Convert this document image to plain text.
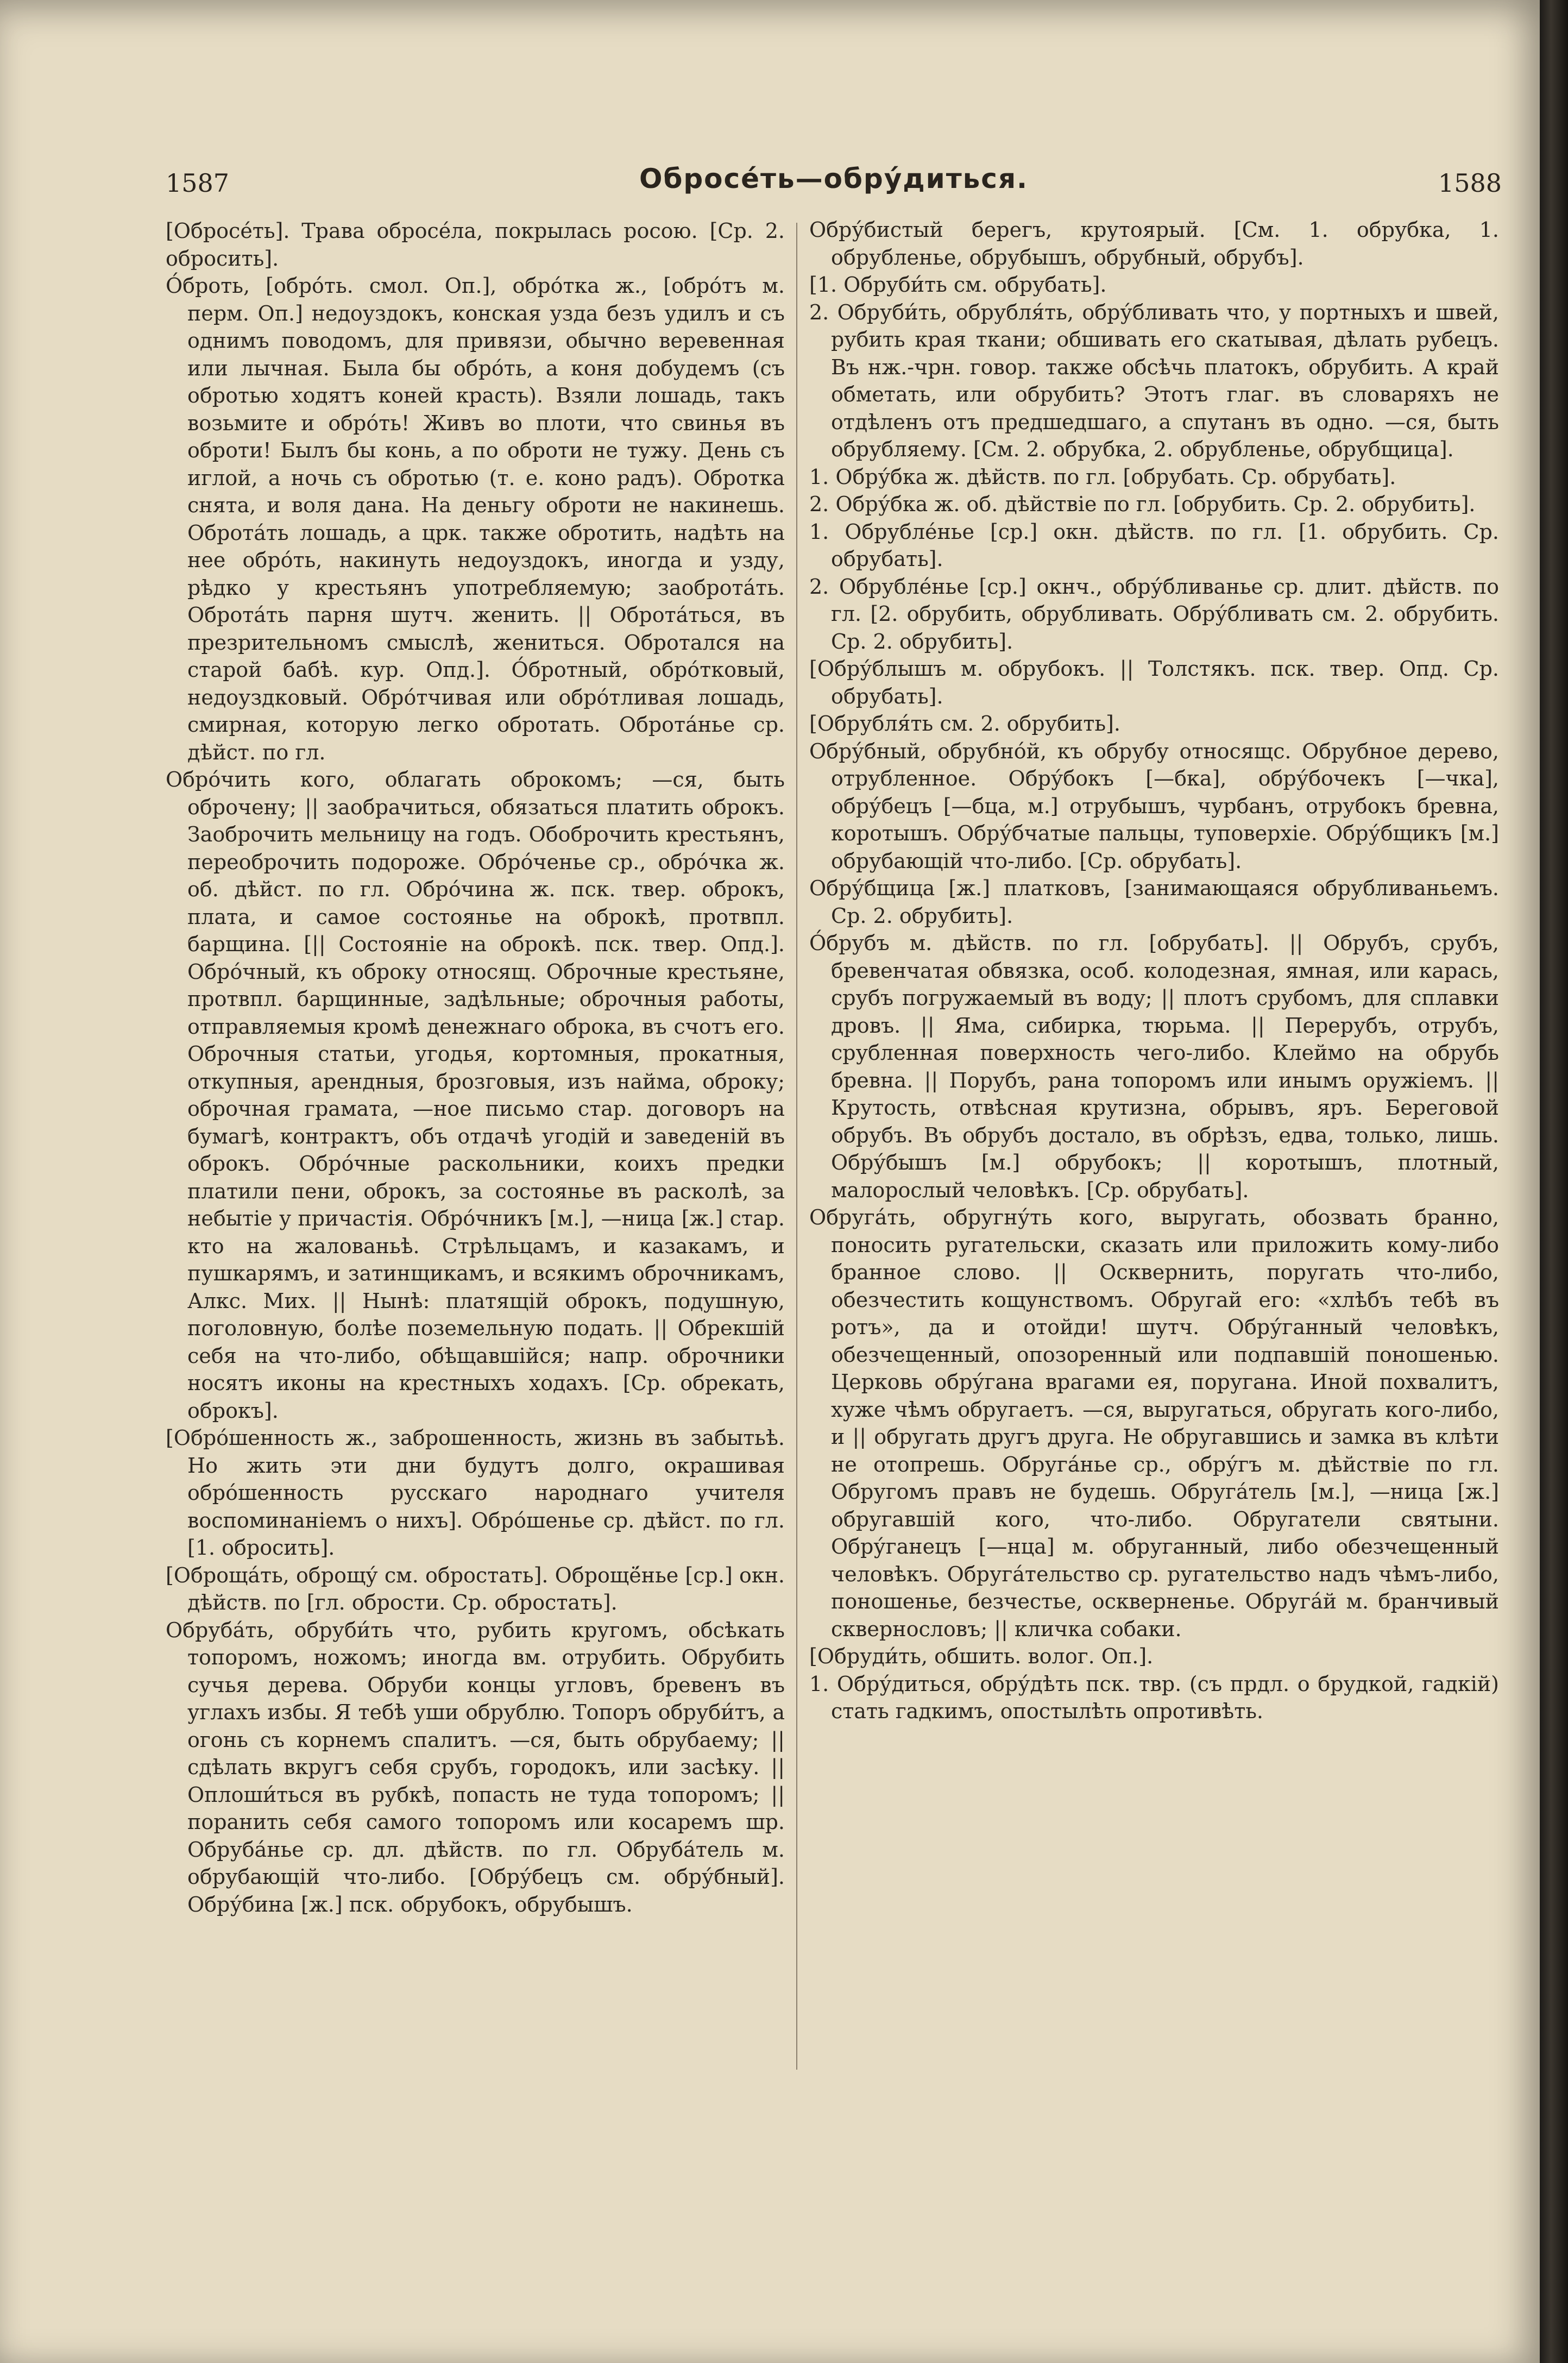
1587	Обросе́ть—обру́диться.	1588

[Обросе́ть]. Трава обросе́ла, покрылась росою. [Ср. 2. обросить].

О́брoть, [обро́ть. смол. Оп.], обро́тка ж., [обро́тъ м. перм. Оп.] недоуздокъ, конская узда безъ удилъ и съ однимъ поводомъ, для привязи, обычно веревенная или лычная. Была бы обро́ть, а коня добудемъ (съ обротью ходятъ коней красть). Взяли лошадь, такъ возьмите и обро́ть! Живъ во плоти, что свинья въ оброти! Былъ бы конь, а по оброти не тужу. День съ иглой, а ночь съ обротью (т. е. коно радъ). Обротка снята, и воля дана. На деньгу оброти не накинешь. Оброта́ть лошадь, а црк. также обротить, надѣть на нее обро́ть, накинуть недоуздокъ, иногда и узду, рѣдко у крестьянъ употребляемую; заоброта́ть. Оброта́ть парня шутч. женить. || Оброта́ться, въ презрительномъ смыслѣ, жениться. Обротался на старой бабѣ. кур. Опд.]. О́бротный, обро́тковый, недоуздковый. Обро́тчивая или обро́тливая лошадь, смирная, которую легко обротать. Оброта́нье ср. дѣйст. по гл.

Обро́чить кого, облагать оброкомъ; —ся, быть обрoчену; || заобрачиться, обязаться платить оброкъ. Заоброчить мельницу на годъ. Обобрoчить крестьянъ, переоброчить подорожe. Обро́ченье ср., обро́чка ж. об. дѣйст. по гл. Обро́чина ж. пск. твер. оброкъ, плата, и самое состоянье на оброкѣ, протвпл. барщина. [|| Состояніе на оброкѣ. пск. твер. Опд.]. Обро́чный, къ оброку относящ. Оброчные крестьяне, протвпл. барщинные, задѣльные; оброчныя работы, отправляемыя кромѣ денежнаго оброка, въ счотъ его. Оброчныя статьи, угодья, кортомныя, прокатныя, откупныя, арендныя, брозговыя, изъ найма, оброку; оброчная грамата, —ное письмо стар. договоръ на бумагѣ, контрактъ, объ отдачѣ угодій и заведеній въ оброкъ. Обро́чные раскольники, коихъ предки платили пени, оброкъ, за состоянье въ расколѣ, за небытіе у причастія. Обро́чникъ [м.], —ница [ж.] стар. кто на жалованьѣ. Стрѣльцамъ, и казакамъ, и пушкарямъ, и затинщикамъ, и всякимъ оброчникамъ, Алкс. Мих. || Нынѣ: платящій оброкъ, подушную, поголовную, болѣе поземельную подать. || Обрекшій себя на что-либо, обѣщавшійся; напр. оброчники носятъ иконы на крестныхъ ходахъ. [Ср. обрекать, оброкъ].

[Обро́шенность ж., заброшенность, жизнь въ забытьѣ. Но жить эти дни будутъ долго, окрашивая обро́шенность русскаго народнаго учителя воспоминаніемъ о нихъ]. Обро́шенье ср. дѣйст. по гл. [1. обросить].

[Оброщáть, оброщу́ см. обростать]. Оброщё́нье [ср.] окн. дѣйств. по [гл. обрости. Ср. обростать].

Обруба́ть, обруби́ть что, рубить кругомъ, обсѣкать топоромъ, ножомъ; иногда вм. отрубить. Обрубить сучья дерева. Обруби концы угловъ, бревенъ въ углахъ избы. Я тебѣ уши обрублю. Топоръ обруби́тъ, а огонь съ корнемъ спалитъ. —ся, быть обрубаему; || сдѣлать вкругъ себя срубъ, городокъ, или засѣку. || Оплоши́ться въ рубкѣ, попасть не туда топоромъ; || поранить себя самого топоромъ или косаремъ шр. Обруба́нье ср. дл. дѣйств. по гл. Обруба́тель м. обрубающій что-либо. [Обру́бецъ см. обру́бный]. Обру́бина [ж.] пск. обрубокъ, обрубышъ.

Обру́бистый берегъ, крутоярый. [См. 1. обрубка, 1. обрубленье, обрубышъ, обрубный, обрубъ].

[1. Обруби́ть см. обрубать].

2. Обруби́ть, обрубля́ть, обру́бливать что, у портныхъ и швей, рубить края ткани; обшивать его скатывая, дѣлать рубецъ. Въ нж.-чрн. говор. также обсѣчь платокъ, обрубить. А край обметать, или обрубить? Этотъ глаг. въ словаряхъ не отдѣленъ отъ предшедшаго, а спутанъ въ одно. —ся, быть обрубляему. [См. 2. обрубка, 2. обрубленье, обрубщица].

1. Обру́бка ж. дѣйств. по гл. [обрубать. Ср. обрубать].

2. Обру́бка ж. об. дѣйствіе по гл. [обрубить. Ср. 2. обрубить].

1. Обрубле́нье [ср.] окн. дѣйств. по гл. [1. обрубить. Ср. обрубать].

2. Обрубле́нье [ср.] окнч., обру́бливанье ср. длит. дѣйств. по гл. [2. обрубить, обрубливать. Обру́бливать см. 2. обрубить. Ср. 2. обрубить].

[Обру́блышъ м. обрубокъ. || Толстякъ. пск. твер. Опд. Ср. обрубать].

[Обрубля́ть см. 2. обрубить].

Обру́бный, обрубно́й, къ обрубу относящс. Обрубное дерево, отрубленное. Обру́бокъ [—бка], обру́бочекъ [—чка], обру́бецъ [—бца, м.] отрубышъ, чурбанъ, отрубокъ бревна, коротышъ. Обру́бчатые пальцы, туповерхіе. Обру́бщикъ [м.] обрубающій что-либо. [Ср. обрубать].

Обру́бщица [ж.] платковъ, [занимающаяся обрубливаньемъ. Ср. 2. обрубить].

О́брубъ м. дѣйств. по гл. [обрубать]. || Обрубъ, срубъ, бревенчатая обвязка, особ. колодезная, ямная, или карась, срубъ погружаемый въ воду; || плотъ срубомъ, для сплавки дровъ. || Яма, сибирка, тюрьма. || Перерубъ, отрубъ, срубленная поверхность чего-либо. Клеймо на обрубь бревна. || Порубъ, рана топоромъ или инымъ оружіемъ. || Крутость, отвѣсная крутизна, обрывъ, яръ. Береговой обрубъ. Въ обрубъ достало, въ обрѣзъ, едва, только, лишь. Обру́бышъ [м.] обрубокъ; || коротышъ, плотный, малорослый человѣкъ. [Ср. обрубать].

Обруга́ть, обругну́ть кого, выругать, обозвать бранно, поносить ругательски, сказать или приложить кому-либо бранное слово. || Осквернить, поругать что-либо, обезчестить кощунствомъ. Обругай его: «хлѣбъ тебѣ въ ротъ», да и отойди! шутч. Обру́ганный человѣкъ, обезчещенный, опозоренный или подпавшій поношенью. Церковь обру́гана врагами ея, поругана. Иной похвалитъ, хуже чѣмъ обругаетъ. —ся, выругаться, обругать кого-либо, и || обругать другъ друга. Не обругавшись и замка въ клѣти не отопрешь. Обруга́нье ср., обру́гъ м. дѣйствіе по гл. Обругомъ правъ не будешь. Обруга́тель [м.], —ница [ж.] обругавшій кого, что-либо. Обругатели святыни. Обру́ганецъ [—нца] м. обруганный, либо обезчещенный человѣкъ. Обруга́тельство ср. ругательство надъ чѣмъ-либо, поношенье, безчестье, оскверненье. Обруга́й м. бранчивый сквернословъ; || кличка собаки.

[Обруди́ть, обшить. волог. Оп.].

1. Обру́диться, обру́дѣть пск. твр. (съ прдл. о брудкой, гадкій) стать гадкимъ, опостылѣть опротивѣть.
